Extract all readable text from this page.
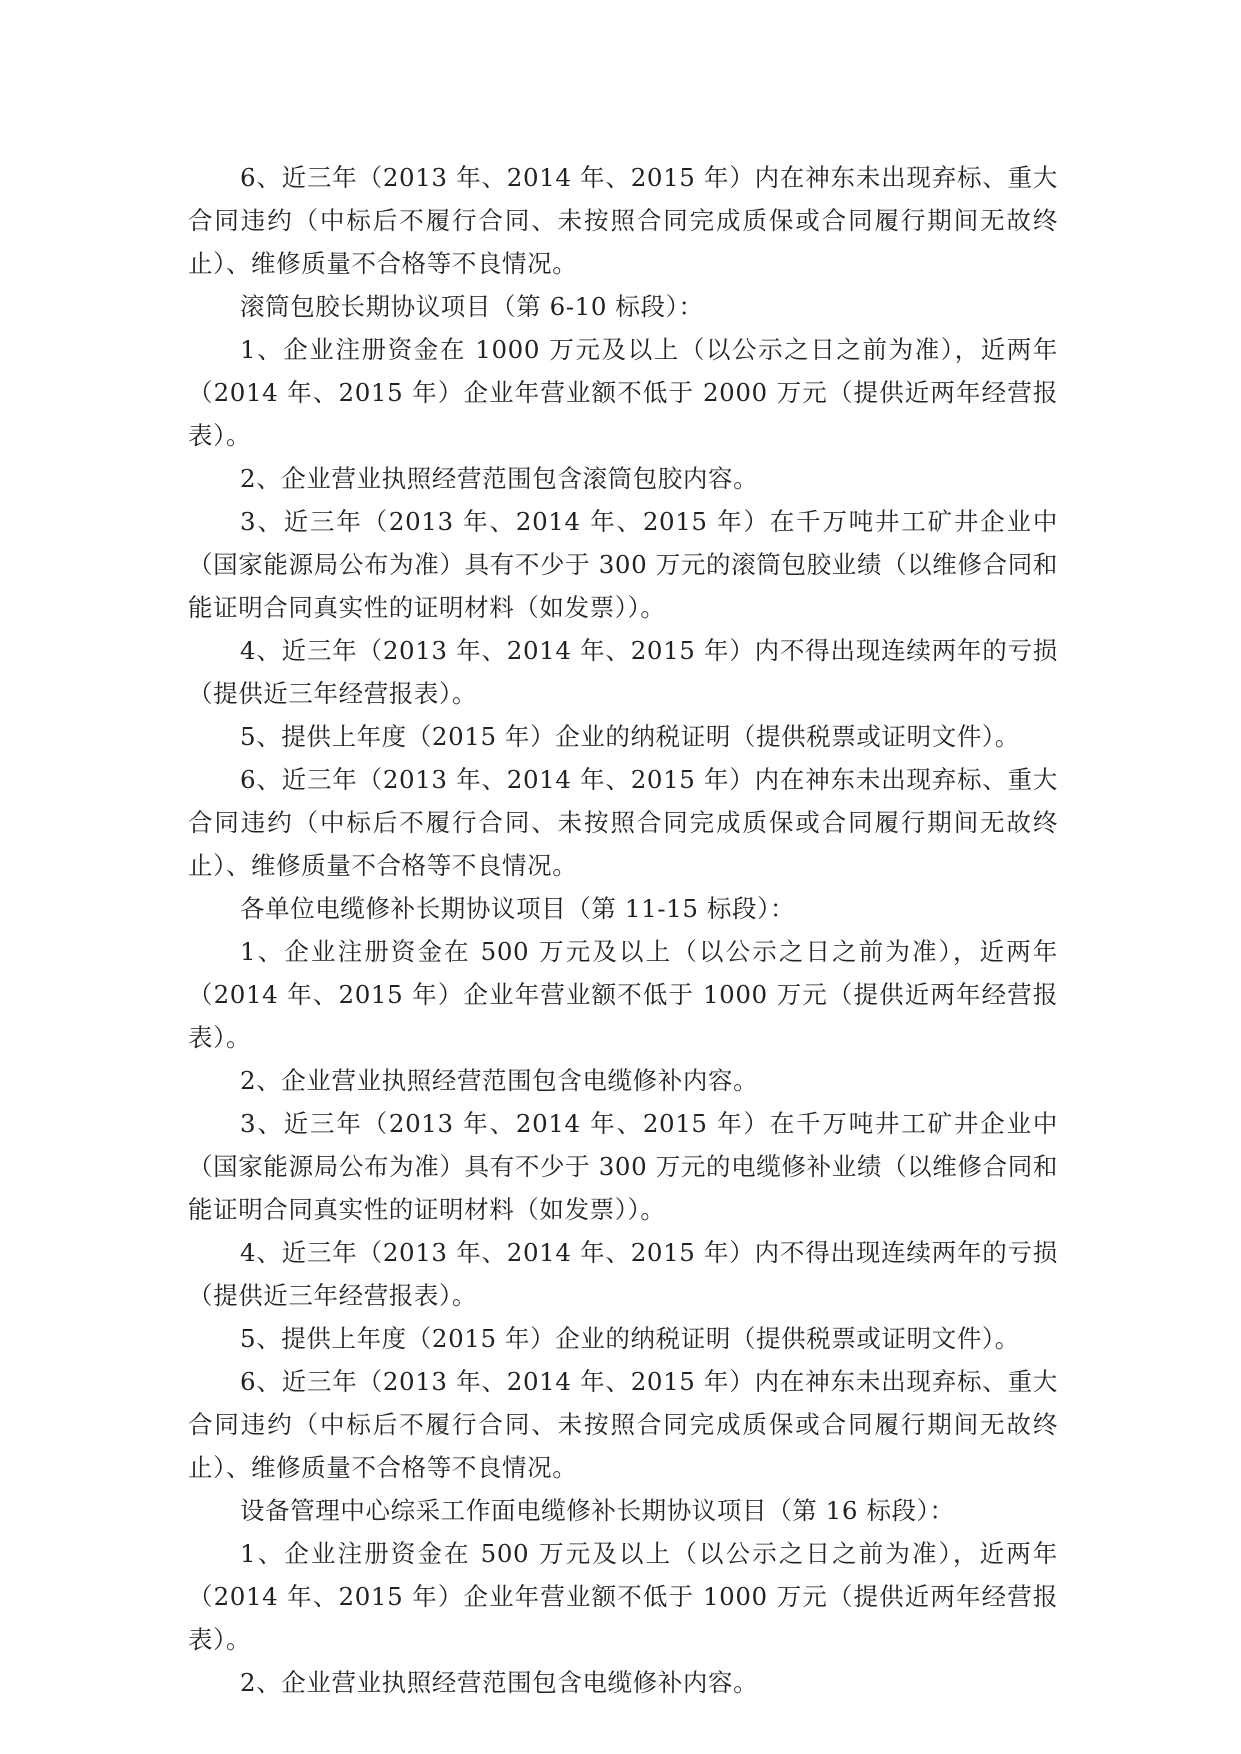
6、近三年（2013 年、2014 年、2015 年）内在神东未出现弃标、重大合同违约（中标后不履行合同、未按照合同完成质保或合同履行期间无故终止）、维修质量不合格等不良情况。

滚筒包胶长期协议项目（第 6-10 标段）：

1、企业注册资金在 1000 万元及以上（以公示之日之前为准），近两年（2014 年、2015 年）企业年营业额不低于 2000 万元（提供近两年经营报表）。

2、企业营业执照经营范围包含滚筒包胶内容。

3、近三年（2013 年、2014 年、2015 年）在千万吨井工矿井企业中（国家能源局公布为准）具有不少于 300 万元的滚筒包胶业绩（以维修合同和能证明合同真实性的证明材料（如发票））。

4、近三年（2013 年、2014 年、2015 年）内不得出现连续两年的亏损（提供近三年经营报表）。

5、提供上年度（2015 年）企业的纳税证明（提供税票或证明文件）。

6、近三年（2013 年、2014 年、2015 年）内在神东未出现弃标、重大合同违约（中标后不履行合同、未按照合同完成质保或合同履行期间无故终止）、维修质量不合格等不良情况。

各单位电缆修补长期协议项目（第 11-15 标段）：

1、企业注册资金在 500 万元及以上（以公示之日之前为准），近两年（2014 年、2015 年）企业年营业额不低于 1000 万元（提供近两年经营报表）。

2、企业营业执照经营范围包含电缆修补内容。

3、近三年（2013 年、2014 年、2015 年）在千万吨井工矿井企业中（国家能源局公布为准）具有不少于 300 万元的电缆修补业绩（以维修合同和能证明合同真实性的证明材料（如发票））。

4、近三年（2013 年、2014 年、2015 年）内不得出现连续两年的亏损（提供近三年经营报表）。

5、提供上年度（2015 年）企业的纳税证明（提供税票或证明文件）。

6、近三年（2013 年、2014 年、2015 年）内在神东未出现弃标、重大合同违约（中标后不履行合同、未按照合同完成质保或合同履行期间无故终止）、维修质量不合格等不良情况。

设备管理中心综采工作面电缆修补长期协议项目（第 16 标段）：

1、企业注册资金在 500 万元及以上（以公示之日之前为准），近两年（2014 年、2015 年）企业年营业额不低于 1000 万元（提供近两年经营报表）。

2、企业营业执照经营范围包含电缆修补内容。
